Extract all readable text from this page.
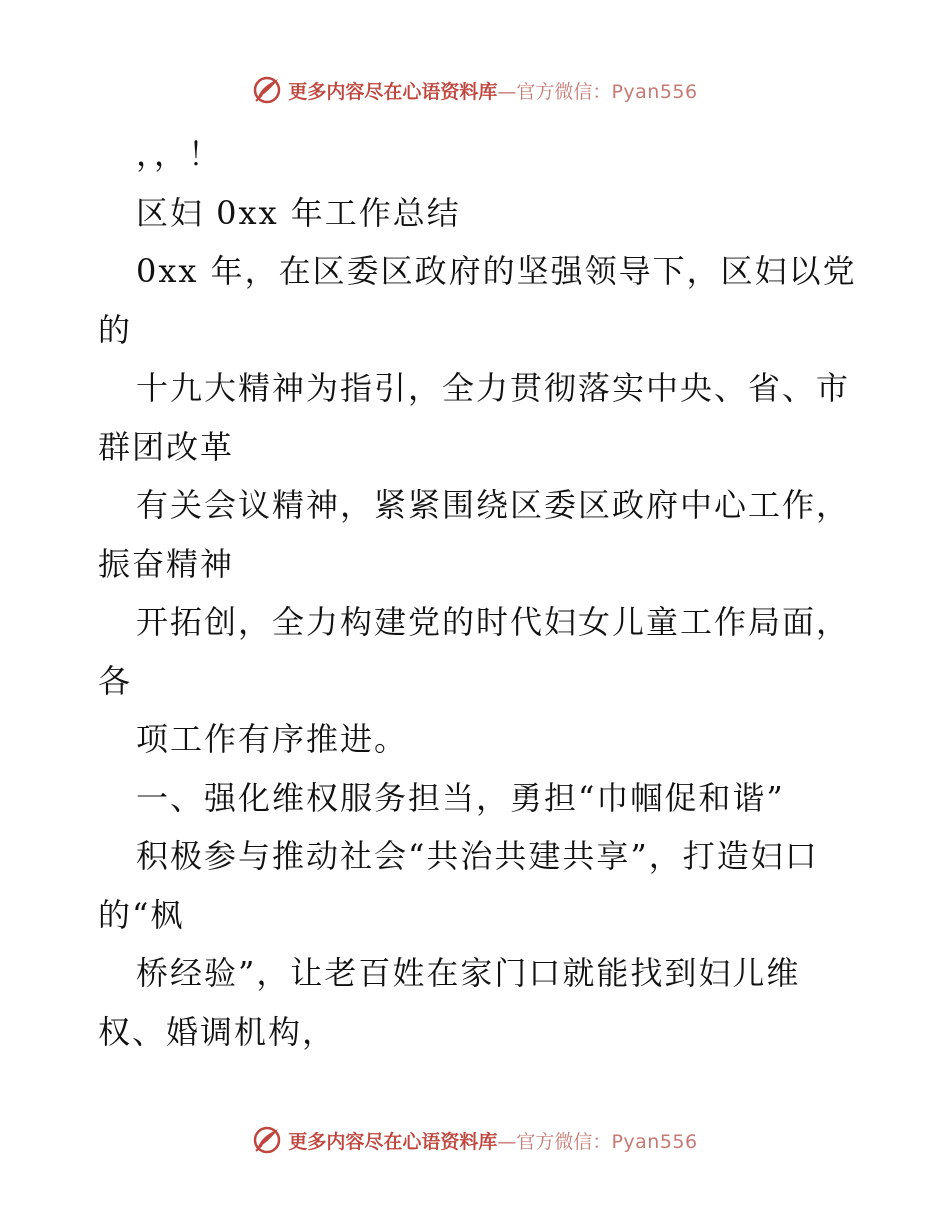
更多内容尽在心语资料库—官方微信：Pyan556
，，！
区妇 0xx 年工作总结
0xx 年，在区委区政府的坚强领导下，区妇以党
的
十九大精神为指引，全力贯彻落实中央、省、市
群团改革
有关会议精神，紧紧围绕区委区政府中心工作，
振奋精神
开拓创，全力构建党的时代妇女儿童工作局面，
各
项工作有序推进。
一、强化维权服务担当，勇担“巾帼促和谐”
积极参与推动社会“共治共建共享”，打造妇口
的“枫
桥经验”，让老百姓在家门口就能找到妇儿维
权、婚调机构，
更多内容尽在心语资料库—官方微信：Pyan556
